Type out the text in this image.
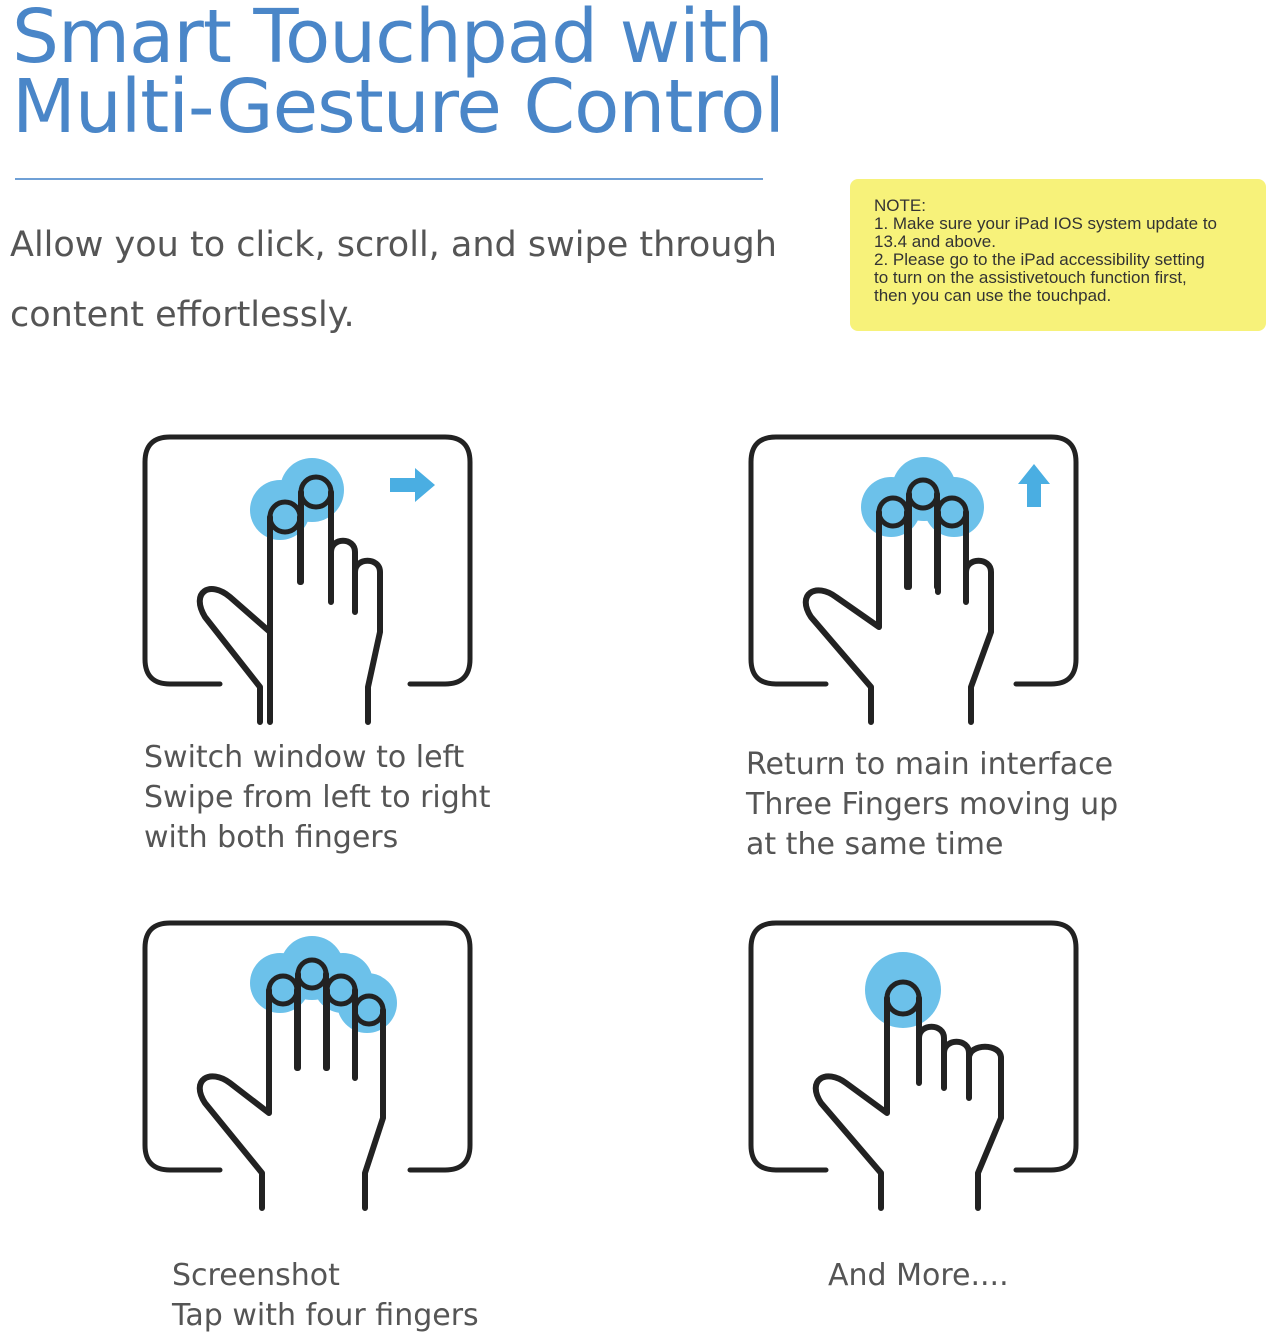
Smart Touchpad with
Multi-Gesture Control

Allow you to click, scroll, and swipe through
content effortlessly.

NOTE:
1. Make sure your iPad IOS system update to
13.4 and above.
2. Please go to the iPad accessibility setting
to turn on the assistivetouch function first,
then you can use the touchpad.
Switch window to left
Swipe from left to right
with both fingers
Return to main interface
Three Fingers moving up
at the same time
Screenshot
Tap with four fingers
And More....
